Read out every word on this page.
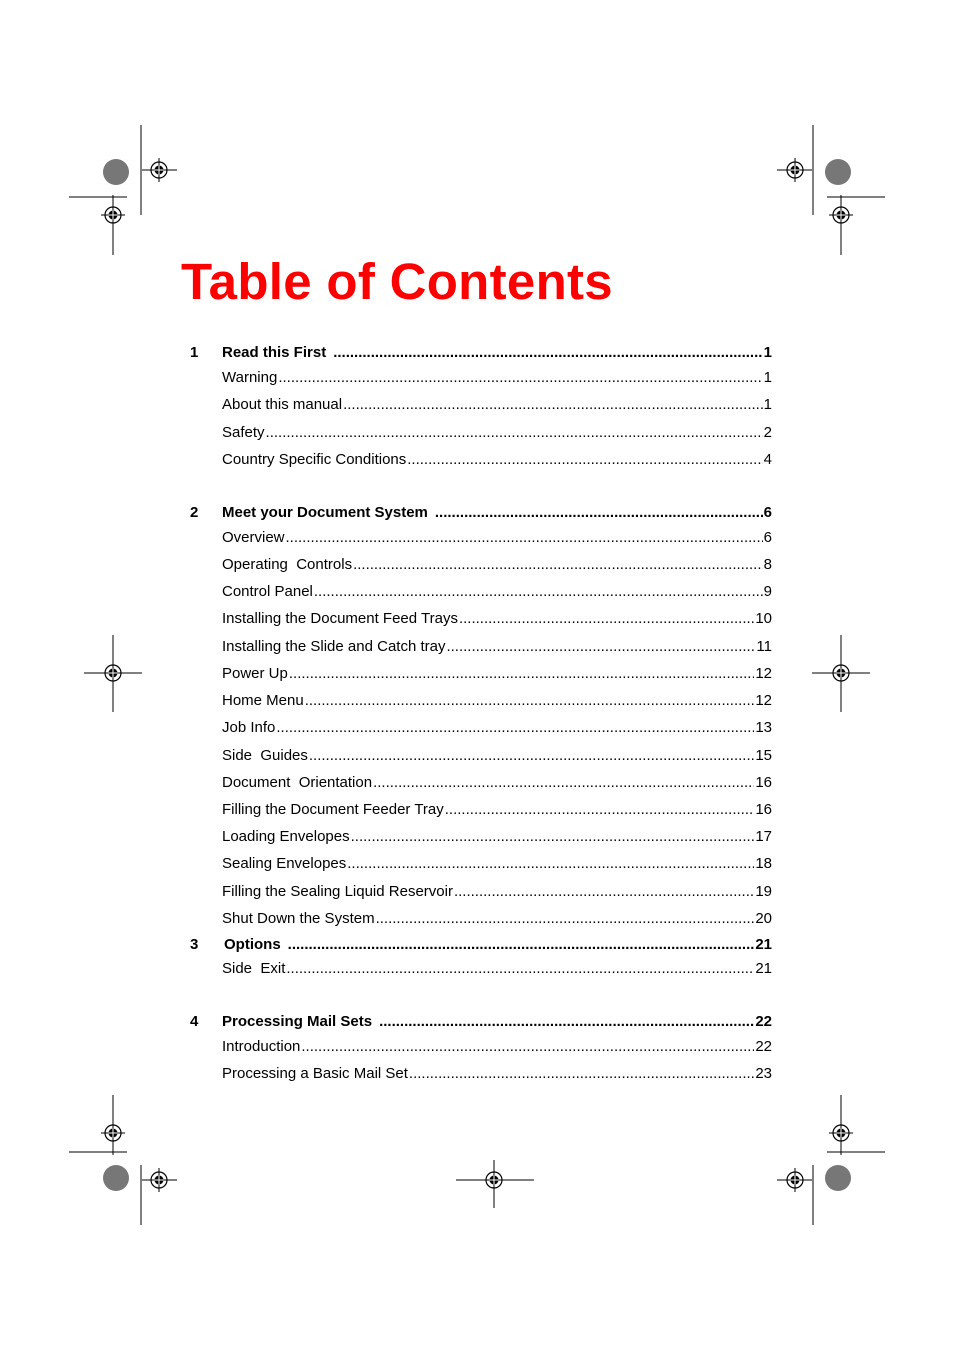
Table of Contents
1	Read this First .....	1
Warning .....	1
About this manual .....	1
Safety .....	2
Country Specific Conditions .....	4
2	Meet your Document System .....	6
Overview .....	6
Operating  Controls .....	8
Control Panel .....	9
Installing the Document Feed Trays .....	10
Installing the Slide and Catch tray .....	11
Power Up .....	12
Home Menu .....	12
Job Info .....	13
Side  Guides .....	15
Document  Orientation .....	16
Filling the Document Feeder Tray .....	16
Loading Envelopes .....	17
Sealing Envelopes .....	18
Filling the Sealing Liquid Reservoir .....	19
Shut Down the System .....	20
3	Options .....	21
Side  Exit .....	21
4	Processing Mail Sets .....	22
Introduction .....	22
Processing a Basic Mail Set .....	23
